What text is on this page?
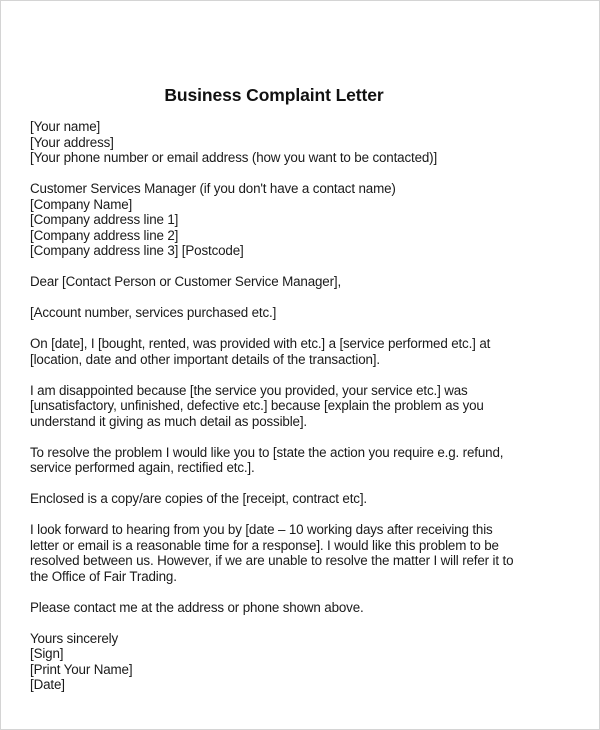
Business Complaint Letter
[Your name]
[Your address]
[Your phone number or email address (how you want to be contacted)]
Customer Services Manager (if you don't have a contact name)
[Company Name]
[Company address line 1]
[Company address line 2]
[Company address line 3] [Postcode]
Dear [Contact Person or Customer Service Manager],
[Account number, services purchased etc.]
On [date], I [bought, rented, was provided with etc.] a [service performed etc.] at
[location, date and other important details of the transaction].
I am disappointed because [the service you provided, your service etc.] was
[unsatisfactory, unfinished, defective etc.] because [explain the problem as you
understand it giving as much detail as possible].
To resolve the problem I would like you to [state the action you require e.g. refund,
service performed again, rectified etc.].
Enclosed is a copy/are copies of the [receipt, contract etc].
I look forward to hearing from you by [date – 10 working days after receiving this
letter or email is a reasonable time for a response]. I would like this problem to be
resolved between us. However, if we are unable to resolve the matter I will refer it to
the Office of Fair Trading.
Please contact me at the address or phone shown above.
Yours sincerely
[Sign]
[Print Your Name]
[Date]
